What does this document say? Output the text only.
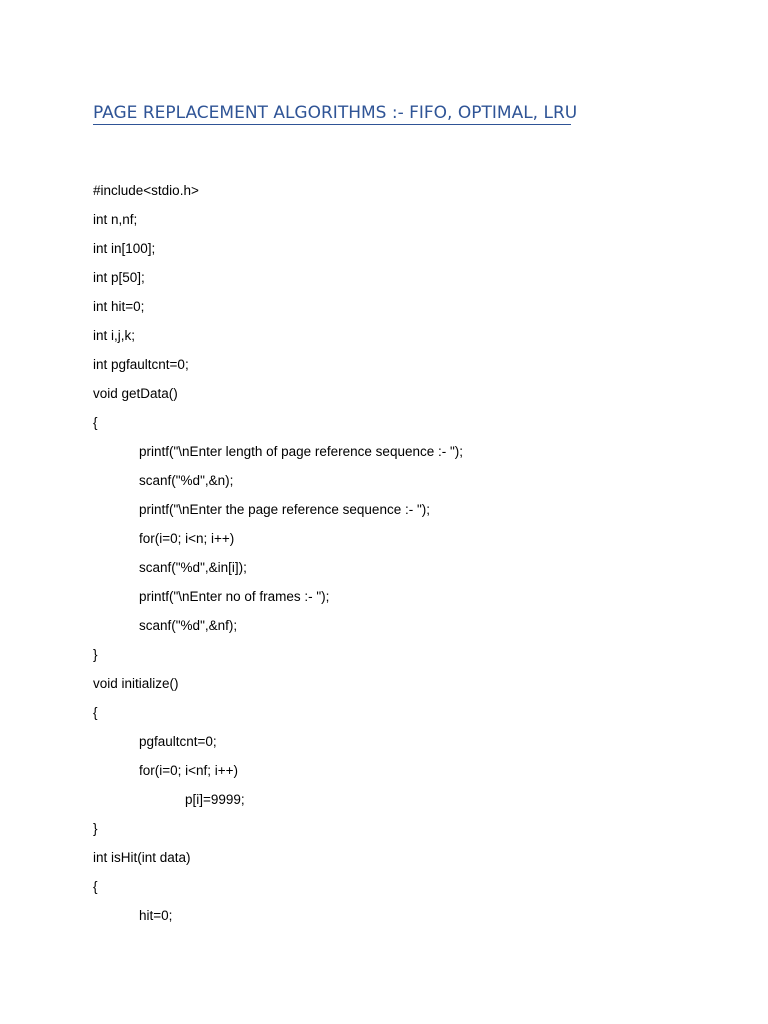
PAGE REPLACEMENT ALGORITHMS :- FIFO, OPTIMAL, LRU
#include<stdio.h>
int n,nf;
int in[100];
int p[50];
int hit=0;
int i,j,k;
int pgfaultcnt=0;
void getData()
{
printf("\nEnter length of page reference sequence :- ");
scanf("%d",&n);
printf("\nEnter the page reference sequence :- ");
for(i=0; i<n; i++)
scanf("%d",&in[i]);
printf("\nEnter no of frames :- ");
scanf("%d",&nf);
}
void initialize()
{
pgfaultcnt=0;
for(i=0; i<nf; i++)
p[i]=9999;
}
int isHit(int data)
{
hit=0;
